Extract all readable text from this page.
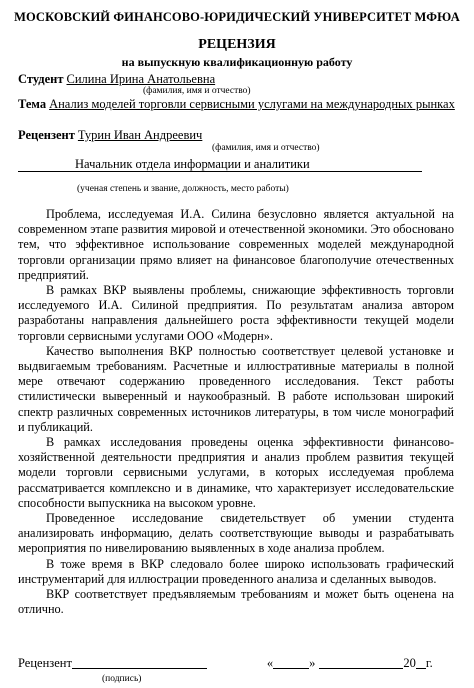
МОСКОВСКИЙ ФИНАНСОВО-ЮРИДИЧЕСКИЙ УНИВЕРСИТЕТ МФЮА
РЕЦЕНЗИЯ
на выпускную квалификационную работу
Студент Силина Ирина Анатольевна
(фамилия, имя и отчество)
Тема Анализ моделей торговли сервисными услугами на международных рынках
Рецензент Турин Иван Андреевич
(фамилия, имя и отчество)
Начальник отдела информации и аналитики
(ученая степень и звание, должность, место работы)

Проблема, исследуемая И.А. Силина безусловно является актуальной на современном этапе развития мировой и отечественной экономики. Это обосновано тем, что эффективное использование современных моделей международной торговли организации прямо влияет на финансовое благополучие отечественных предприятий.

В рамках ВКР выявлены проблемы, снижающие эффективность торговли исследуемого И.А. Силиной предприятия. По результатам анализа автором разработаны направления дальнейшего роста эффективности текущей модели торговли сервисными услугами ООО «Модерн».

Качество выполнения ВКР полностью соответствует целевой установке и выдвигаемым требованиям. Расчетные и иллюстративные материалы в полной мере отвечают содержанию проведенного исследования. Текст работы стилистически выверенный и наукообразный. В работе использован широкий спектр различных современных источников литературы, в том числе монографий и публикаций.

В рамках исследования проведены оценка эффективности финансово-хозяйственной деятельности предприятия и анализ проблем развития текущей модели торговли сервисными услугами, в которых исследуемая проблема рассматривается комплексно и в динамике, что характеризует исследовательские способности выпускника на высоком уровне.

Проведенное исследование свидетельствует об умении студента анализировать информацию, делать соответствующие выводы и разрабатывать мероприятия по нивелированию выявленных в ходе анализа проблем.

В тоже время в ВКР следовало более широко использовать графический инструментарий для иллюстрации проведенного анализа и сделанных выводов.

ВКР соответствует предъявляемым требованиям и может быть оценена на отлично.

Рецензент	«	»	20 г.
(подпись)
